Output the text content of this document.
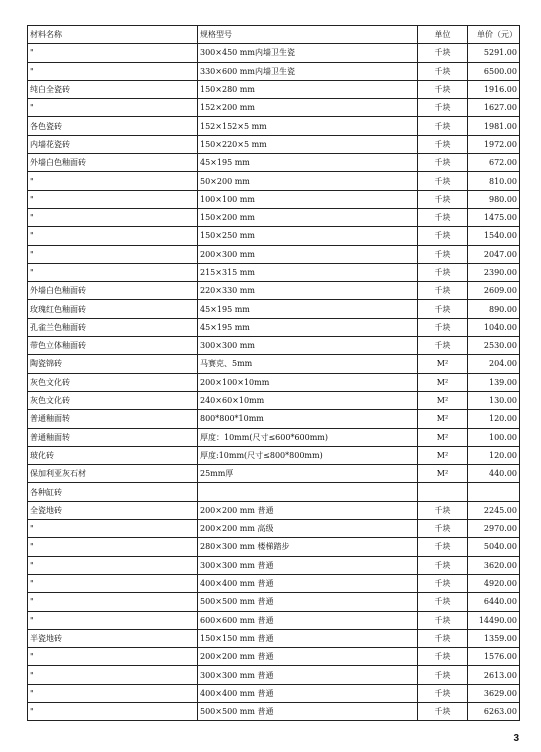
材料名称	规格型号	单位	单价（元）
"	300×450 mm内墙卫生瓷	千块	5291.00
"	330×600 mm内墙卫生瓷	千块	6500.00
纯白全瓷砖	150×280 mm	千块	1916.00
"	152×200 mm	千块	1627.00
各色瓷砖	152×152×5 mm	千块	1981.00
内墙花瓷砖	150×220×5 mm	千块	1972.00
外墙白色釉面砖	45×195 mm	千块	672.00
"	50×200 mm	千块	810.00
"	100×100 mm	千块	980.00
"	150×200 mm	千块	1475.00
"	150×250 mm	千块	1540.00
"	200×300 mm	千块	2047.00
"	215×315 mm	千块	2390.00
外墙白色釉面砖	220×330 mm	千块	2609.00
玫瑰红色釉面砖	45×195 mm	千块	890.00
孔雀兰色釉面砖	45×195 mm	千块	1040.00
带色立体釉面砖	300×300 mm	千块	2530.00
陶瓷锦砖	马赛克、5mm	M²	204.00
灰色文化砖	200×100×10mm	M²	139.00
灰色文化砖	240×60×10mm	M²	130.00
普通釉面转	800*800*10mm	M²	120.00
普通釉面转	厚度：10mm(尺寸≤600*600mm)	M²	100.00
玻化砖	厚度:10mm(尺寸≤800*800mm)	M²	120.00
保加利亚灰石材	25mm厚	M²	440.00
各种缸砖			
全瓷地砖	200×200 mm 普通	千块	2245.00
"	200×200 mm 高级	千块	2970.00
"	280×300 mm 楼梯踏步	千块	5040.00
"	300×300 mm 普通	千块	3620.00
"	400×400 mm 普通	千块	4920.00
"	500×500 mm 普通	千块	6440.00
"	600×600 mm 普通	千块	14490.00
半瓷地砖	150×150 mm 普通	千块	1359.00
"	200×200 mm 普通	千块	1576.00
"	300×300 mm 普通	千块	2613.00
"	400×400 mm 普通	千块	3629.00
"	500×500 mm 普通	千块	6263.00
3
